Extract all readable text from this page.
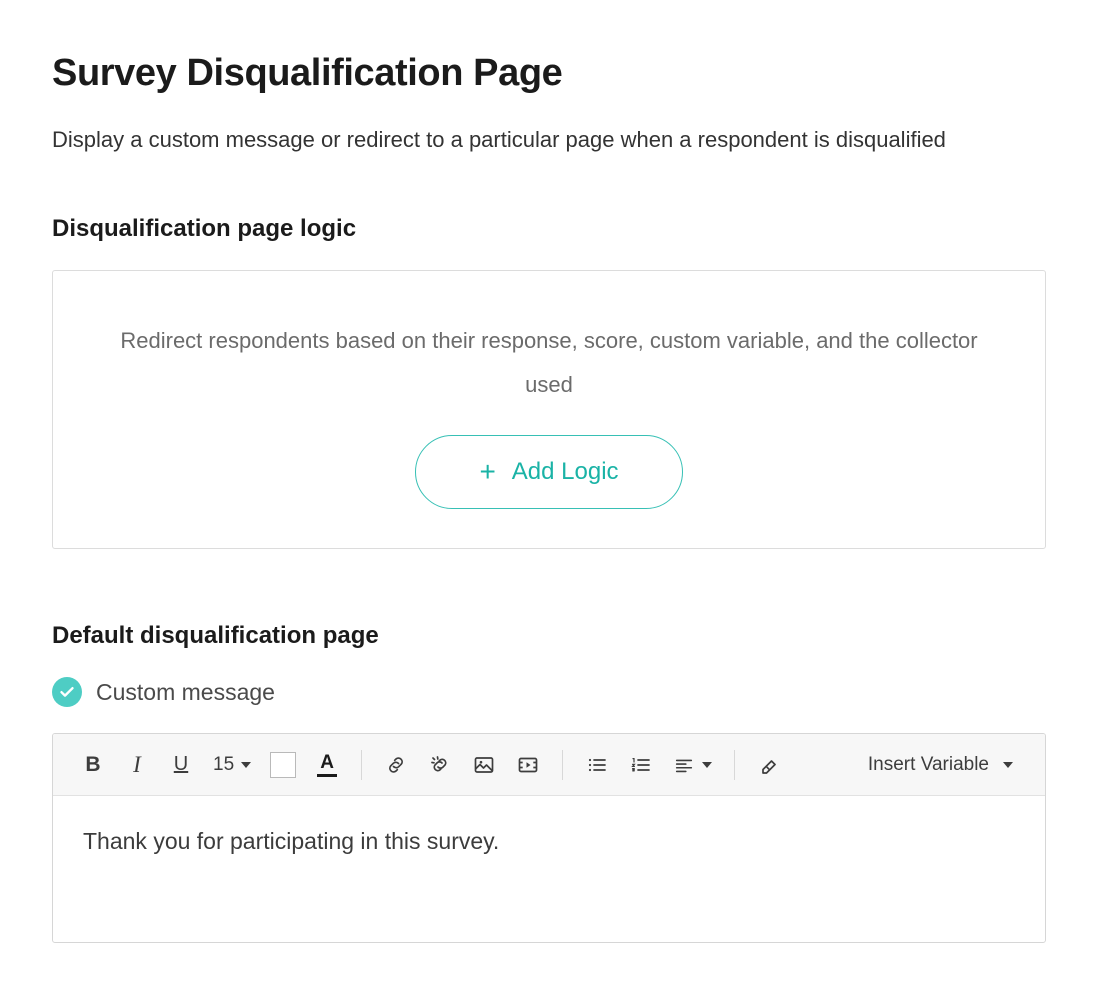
Survey Disqualification Page

Display a custom message or redirect to a particular page when a respondent is disqualified

Disqualification page logic
Redirect respondents based on their response, score, custom variable, and the collector used
+ Add Logic
Default disqualification page
Custom message
B	I	U	15	A	Insert Variable
Thank you for participating in this survey.
